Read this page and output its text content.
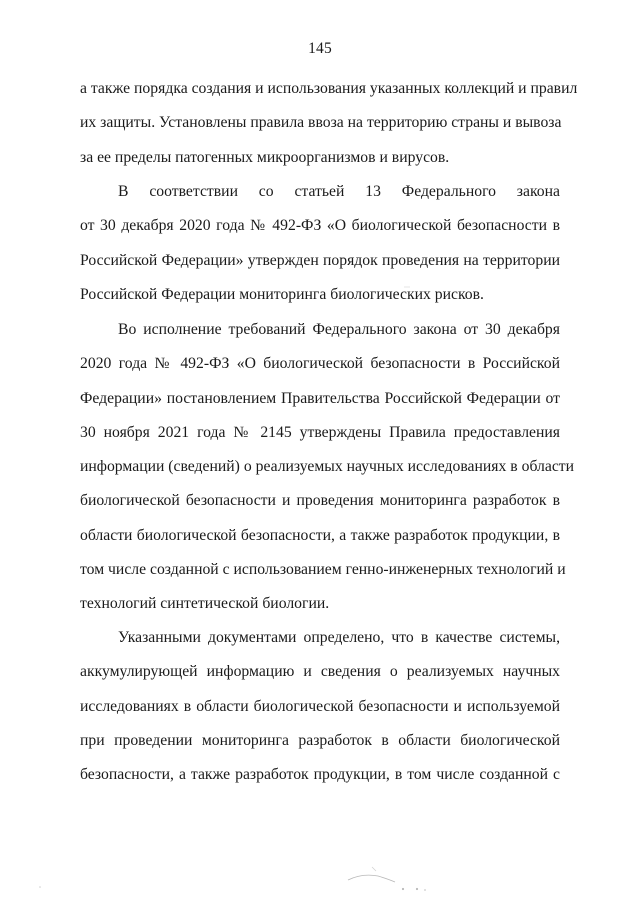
145
а также порядка создания и использования указанных коллекций и правил
их защиты. Установлены правила ввоза на территорию страны и вывоза
за ее пределы патогенных микроорганизмов и вирусов.
В соответствии со статьей 13 Федерального закона
от 30 декабря 2020 года № 492-ФЗ «О биологической безопасности в
Российской Федерации» утвержден порядок проведения на территории
Российской Федерации мониторинга биологических рисков.
Во исполнение требований Федерального закона от 30 декабря
2020 года № 492-ФЗ «О биологической безопасности в Российской
Федерации» постановлением Правительства Российской Федерации от
30 ноября 2021 года № 2145 утверждены Правила предоставления
информации (сведений) о реализуемых научных исследованиях в области
биологической безопасности и проведения мониторинга разработок в
области биологической безопасности, а также разработок продукции, в
том числе созданной с использованием генно-инженерных технологий и
технологий синтетической биологии.
Указанными документами определено, что в качестве системы,
аккумулирующей информацию и сведения о реализуемых научных
исследованиях в области биологической безопасности и используемой
при проведении мониторинга разработок в области биологической
безопасности, а также разработок продукции, в том числе созданной с
